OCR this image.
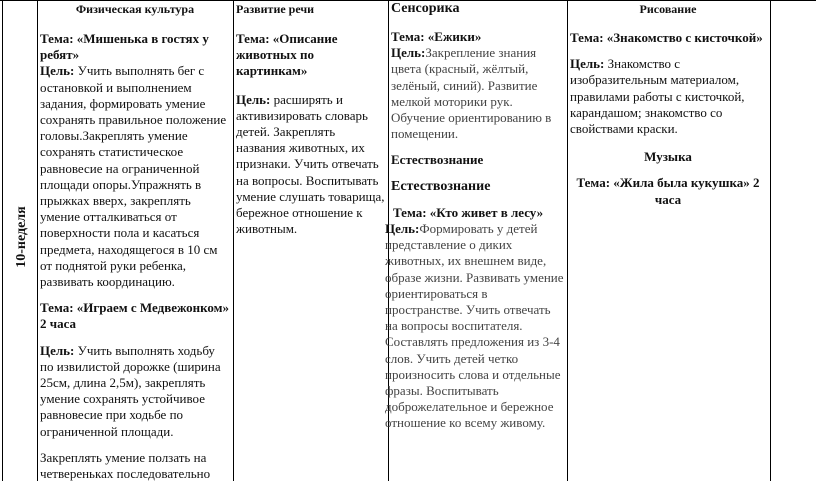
10-неделя
Физическая культура

Тема: «Мишенька в гостях у ребят»

Цель: Учить выполнять бег с остановкой и выполнением задания, формировать умение сохранять правильное положение головы.Закреплять умение сохранять статистическое равновесие на ограниченной площади опоры.Упражнять в прыжках вверх, закреплять умение отталкиваться от поверхности пола и касаться предмета, находящегося в 10 см от поднятой руки ребенка, развивать координацию.

Тема: «Играем с Медвежонком» 2 часа

Цель: Учить выполнять ходьбу по извилистой дорожке (ширина 25см, длина 2,5м), закреплять умение сохранять устойчивое равновесие при ходьбе по ограниченной площади.

Закреплять умение ползать на четвереньках последовательно

Развитие речи

Тема: «Описание животных по картинкам»

Цель: расширять и активизировать словарь детей. Закреплять названия животных, их признаки. Учить отвечать на вопросы. Воспитывать умение слушать товарища, бережное отношение к животным.

Сенсорика

Тема: «Ежики»

Цель:Закрепление знания цвета (красный, жёлтый, зелёный, синий). Развитие мелкой моторики рук. Обучение ориентированию в помещении.

Естествознание

Естествознание

Тема: «Кто живет в лесу»

Цель:Формировать у детей представление о диких животных, их внешнем виде, образе жизни. Развивать умение ориентироваться в пространстве. Учить отвечать на вопросы воспитателя. Составлять предложения из 3-4 слов. Учить детей четко произносить слова и отдельные фразы. Воспитывать доброжелательное и бережное отношение ко всему живому.

Рисование

Тема: «Знакомство с кисточкой»

Цель: Знакомство с изобразительным материалом, правилами работы с кисточкой, карандашом; знакомство со свойствами краски.

Музыка

Тема: «Жила была кукушка» 2 часа
